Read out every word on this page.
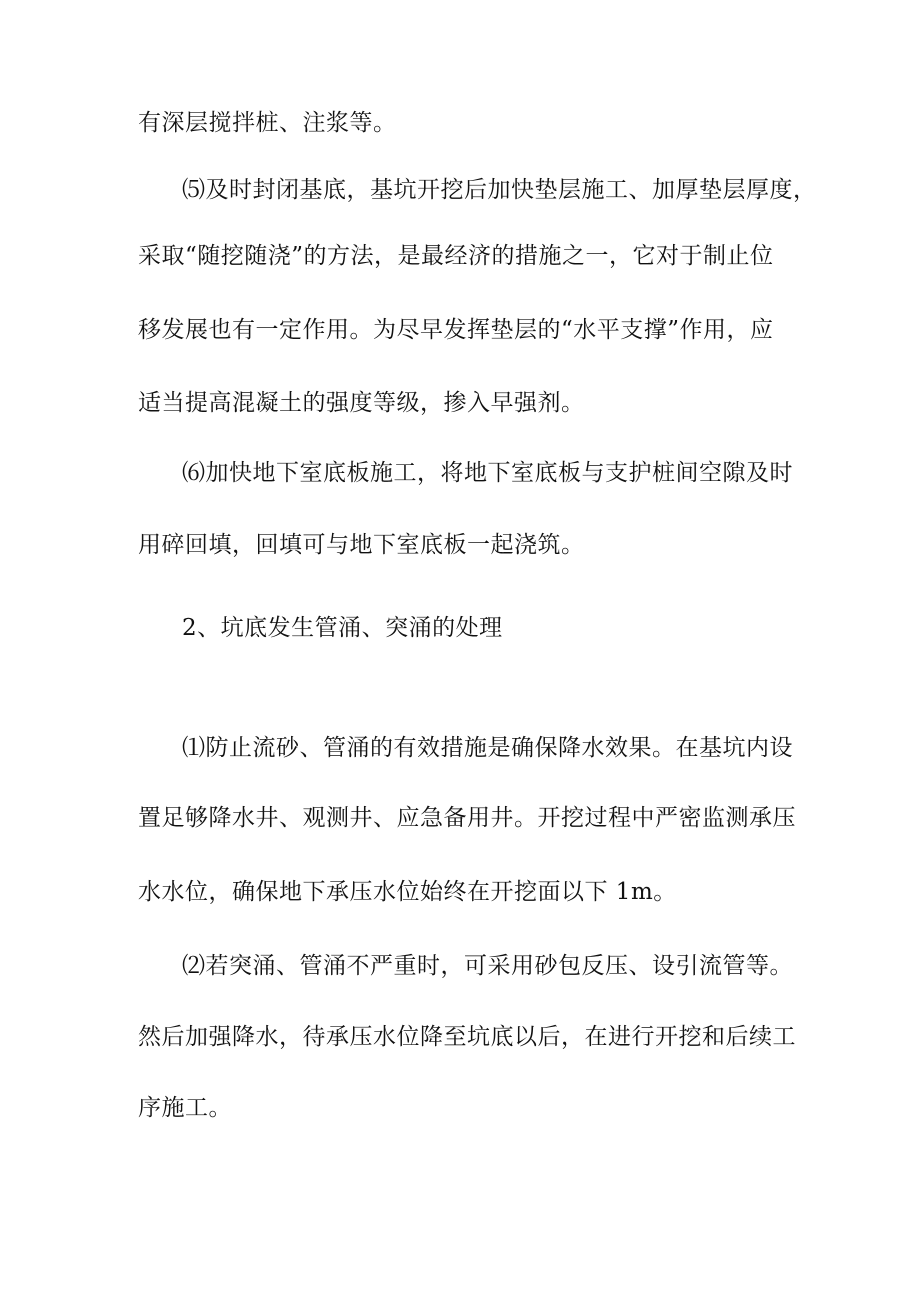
有深层搅拌桩、注浆等。
⑸及时封闭基底，基坑开挖后加快垫层施工、加厚垫层厚度，
采取“随挖随浇”的方法，是最经济的措施之一，它对于制止位
移发展也有一定作用。为尽早发挥垫层的“水平支撑”作用，应
适当提高混凝土的强度等级，掺入早强剂。
⑹加快地下室底板施工，将地下室底板与支护桩间空隙及时
用碎回填，回填可与地下室底板一起浇筑。
2、坑底发生管涌、突涌的处理
⑴防止流砂、管涌的有效措施是确保降水效果。在基坑内设
置足够降水井、观测井、应急备用井。开挖过程中严密监测承压
水水位，确保地下承压水位始终在开挖面以下 1m。
⑵若突涌、管涌不严重时，可采用砂包反压、设引流管等。
然后加强降水，待承压水位降至坑底以后，在进行开挖和后续工
序施工。
